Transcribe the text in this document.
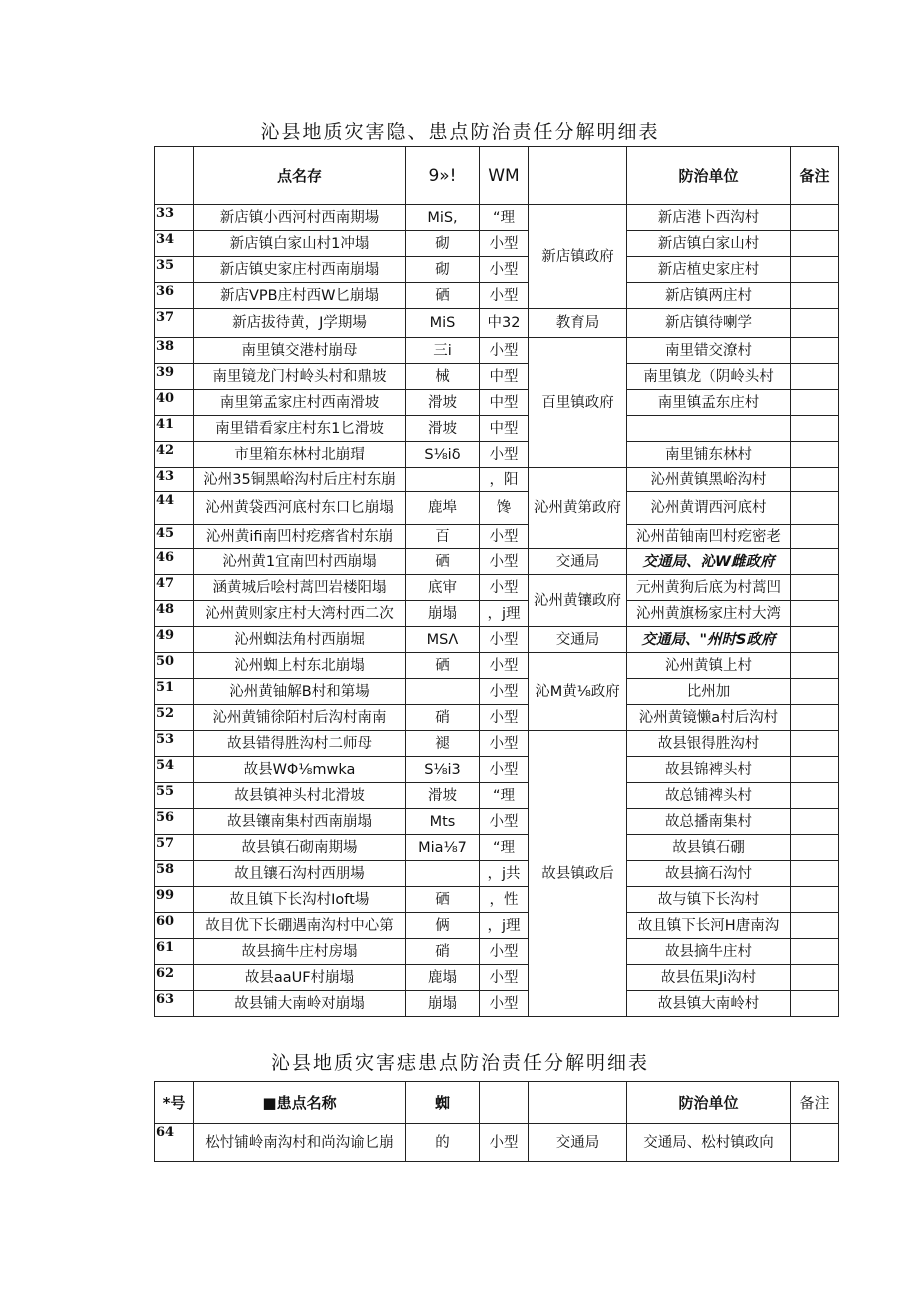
沁县地质灾害隐、患点防治责任分解明细表
	点名存	9»!	WM		防治单位	备注
33	新店镇小西河村西南期場	MiS,	“理	新店镇政府	新店港卜西沟村	
34	新店镇白家山村1冲塌	砌	小型		新店镇白家山村	
35	新店镇史家庄村西南崩塌	砌	小型		新店植史家庄村	
36	新店VPB庄村西W匕崩塌	硒	小型		新店镇两庄村	
37	新店拔待黄，J学期場	MiS	中32	教育局	新店镇待喇学	
38	南里镇交港村崩母	三i	小型	百里镇政府	南里错交潦村	
39	南里镜龙门村岭头村和鼎坡	械	中型		南里镇龙（阴岭头村	
40	南里第孟家庄村西南滑坡	滑坡	中型		南里镇孟东庄村	
41	南里错看家庄村东1匕滑坡	滑坡	中型			
42	市里箱东林村北崩瑁	S⅛iδ	小型		南里铺东林村	
43	沁州35铜黑峪沟村后庄村东崩		，阳	沁州黄第政府	沁州黄镇黑峪沟村	
44	沁州黄袋西河底村东口匕崩塌	鹿埠	馋		沁州黄谓西河底村	
45	沁州黄ifi南凹村疙瘩省村东崩	百	小型		沁州苗铀南凹村疙密老	
46	沁州黄1宜南凹村西崩塌	硒	小型	交通局	交通局、沁W雌政府	
47	涵黄城后哙村蒿凹岩楼阳塌	底审	小型	沁州黄镶政府	元州黄狗后底为村蒿凹	
48	沁州黄则家庄村大湾村西二次	崩塌	，j理		沁州黄旗杨家庄村大湾	
49	沁州蜘法角村西崩堀	MSΛ	小型	交通局	交通局、"州时S政府	
50	沁州蜘上村东北崩塌	硒	小型	沁M黄⅛政府	沁州黄镇上村	
51	沁州黄铀解B村和第場		小型		比州加	
52	沁州黄铺徐陌村后沟村南南	硝	小型		沁州黄镜懒a村后沟村	
53	故县错得胜沟村二师母	褪	小型	故县镇政后	故县银得胜沟村	
54	故县WΦ⅛mwka	S⅛i3	小型		故县锦裨头村	
55	故县镇神头村北滑坡	滑坡	“理		故总铺裨头村	
56	故县镶南集村西南崩塌	Mts	小型		故总播南集村	
57	故县镇石砌南期場	Mia⅛7	“理		故县镇石硼	
58	故且镶石沟村西朋場		，j共		故县摘石沟忖	
99	故且镇下长沟村Ioft場	硒	，性		故与镇下长沟村	
60	故目优下长硼遇南沟村中心第	俩	，j理		故且镇下长河H唐南沟	
61	故县摘牛庄村房塌	硝	小型		故县摘牛庄村	
62	故县aaUF村崩塌	鹿塌	小型		故县伍果Ji沟村	
63	故县铺大南岭对崩塌	崩塌	小型		故县镇大南岭村	
沁县地质灾害痣患点防治责任分解明细表
*号	■患点名称	蜘			防治单位	备注
64	松忖铺岭南沟村和尚沟谕匕崩	的	小型	交通局	交通局、松村镇政向	
